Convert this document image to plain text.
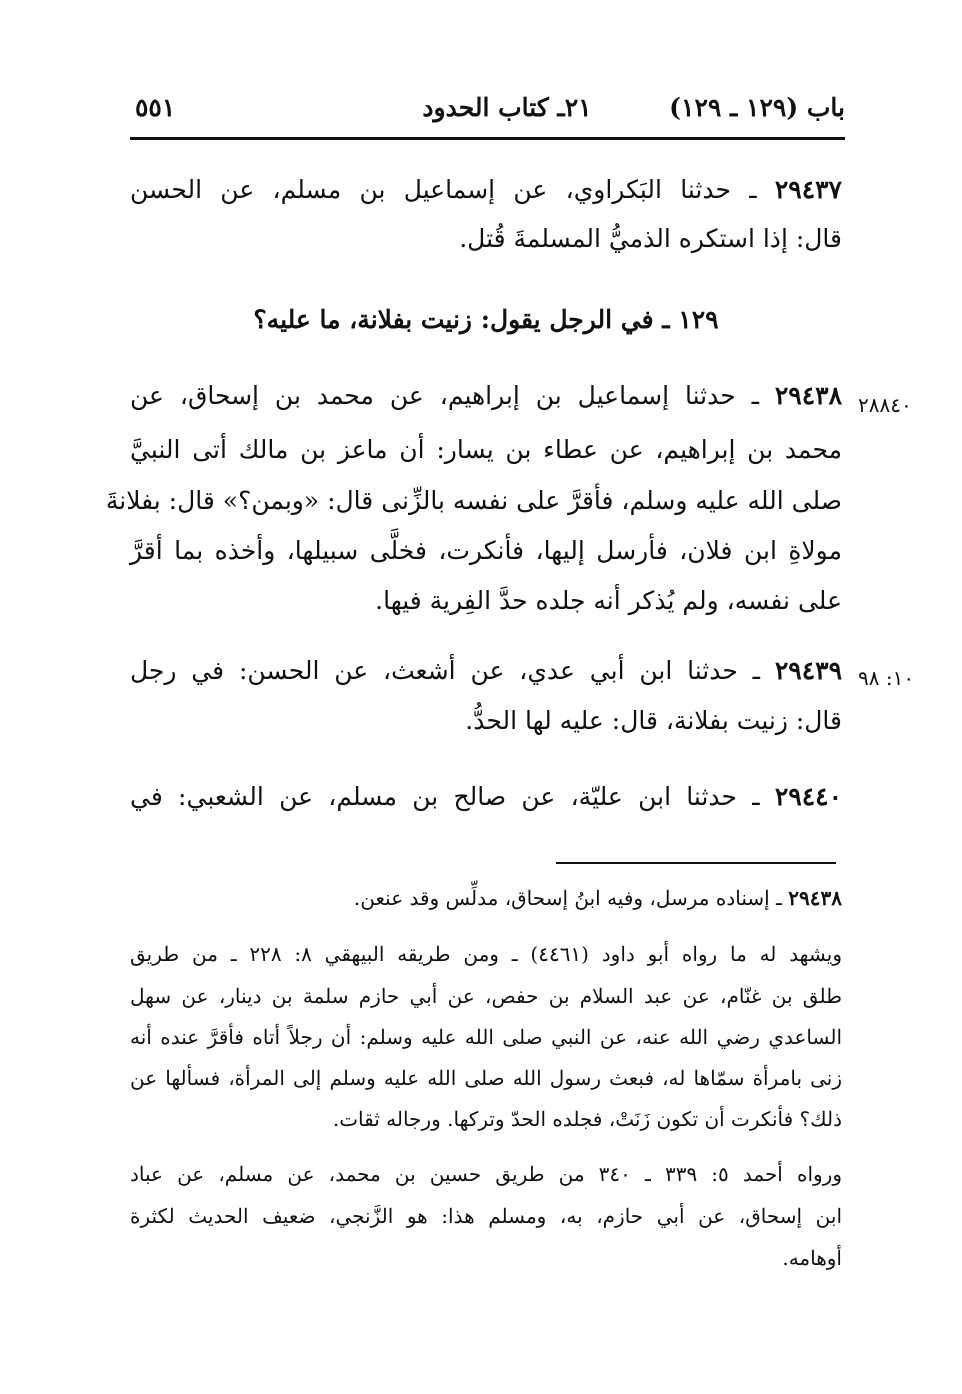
باب (١٢٩ ـ ١٢٩)
٢١ـ كتاب الحدود
٥٥١
٢٩٤٣٧ ـ حدثنا البَكراوي، عن إسماعيل بن مسلم، عن الحسن
قال: إذا استكره الذميُّ المسلمةَ قُتل.
١٢٩ ـ في الرجل يقول: زنيت بفلانة، ما عليه؟
٢٨٨٤٠
٢٩٤٣٨ ـ حدثنا إسماعيل بن إبراهيم، عن محمد بن إسحاق، عن
محمد بن إبراهيم، عن عطاء بن يسار: أن ماعز بن مالك أتى النبيَّ
صلى الله عليه وسلم، فأقرَّ على نفسه بالزِّنى قال: «وبمن؟» قال: بفلانةَ
مولاةِ ابن فلان، فأرسل إليها، فأنكرت، فخلَّى سبيلها، وأخذه بما أقرَّ
على نفسه، ولم يُذكر أنه جلده حدَّ الفِرية فيها.
١٠: ٩٨
٢٩٤٣٩ ـ حدثنا ابن أبي عدي، عن أشعث، عن الحسن: في رجل
قال: زنيت بفلانة، قال: عليه لها الحدُّ.
٢٩٤٤٠ ـ حدثنا ابن عليّة، عن صالح بن مسلم، عن الشعبي: في
٢٩٤٣٨ ـ إسناده مرسل، وفيه ابنُ إسحاق، مدلِّس وقد عنعن.
ويشهد له ما رواه أبو داود (٤٤٦١) ـ ومن طريقه البيهقي ٨: ٢٢٨ ـ من طريق
طلق بن غنّام، عن عبد السلام بن حفص، عن أبي حازم سلمة بن دينار، عن سهل
الساعدي رضي الله عنه، عن النبي صلى الله عليه وسلم: أن رجلاً أتاه فأقرَّ عنده أنه
زنى بامرأة سمّاها له، فبعث رسول الله صلى الله عليه وسلم إلى المرأة، فسألها عن
ذلك؟ فأنكرت أن تكون زَنَتْ، فجلده الحدّ وتركها. ورجاله ثقات.
ورواه أحمد ٥: ٣٣٩ ـ ٣٤٠ من طريق حسين بن محمد، عن مسلم، عن عباد
ابن إسحاق، عن أبي حازم، به، ومسلم هذا: هو الزَّنجي، ضعيف الحديث لكثرة
أوهامه.
